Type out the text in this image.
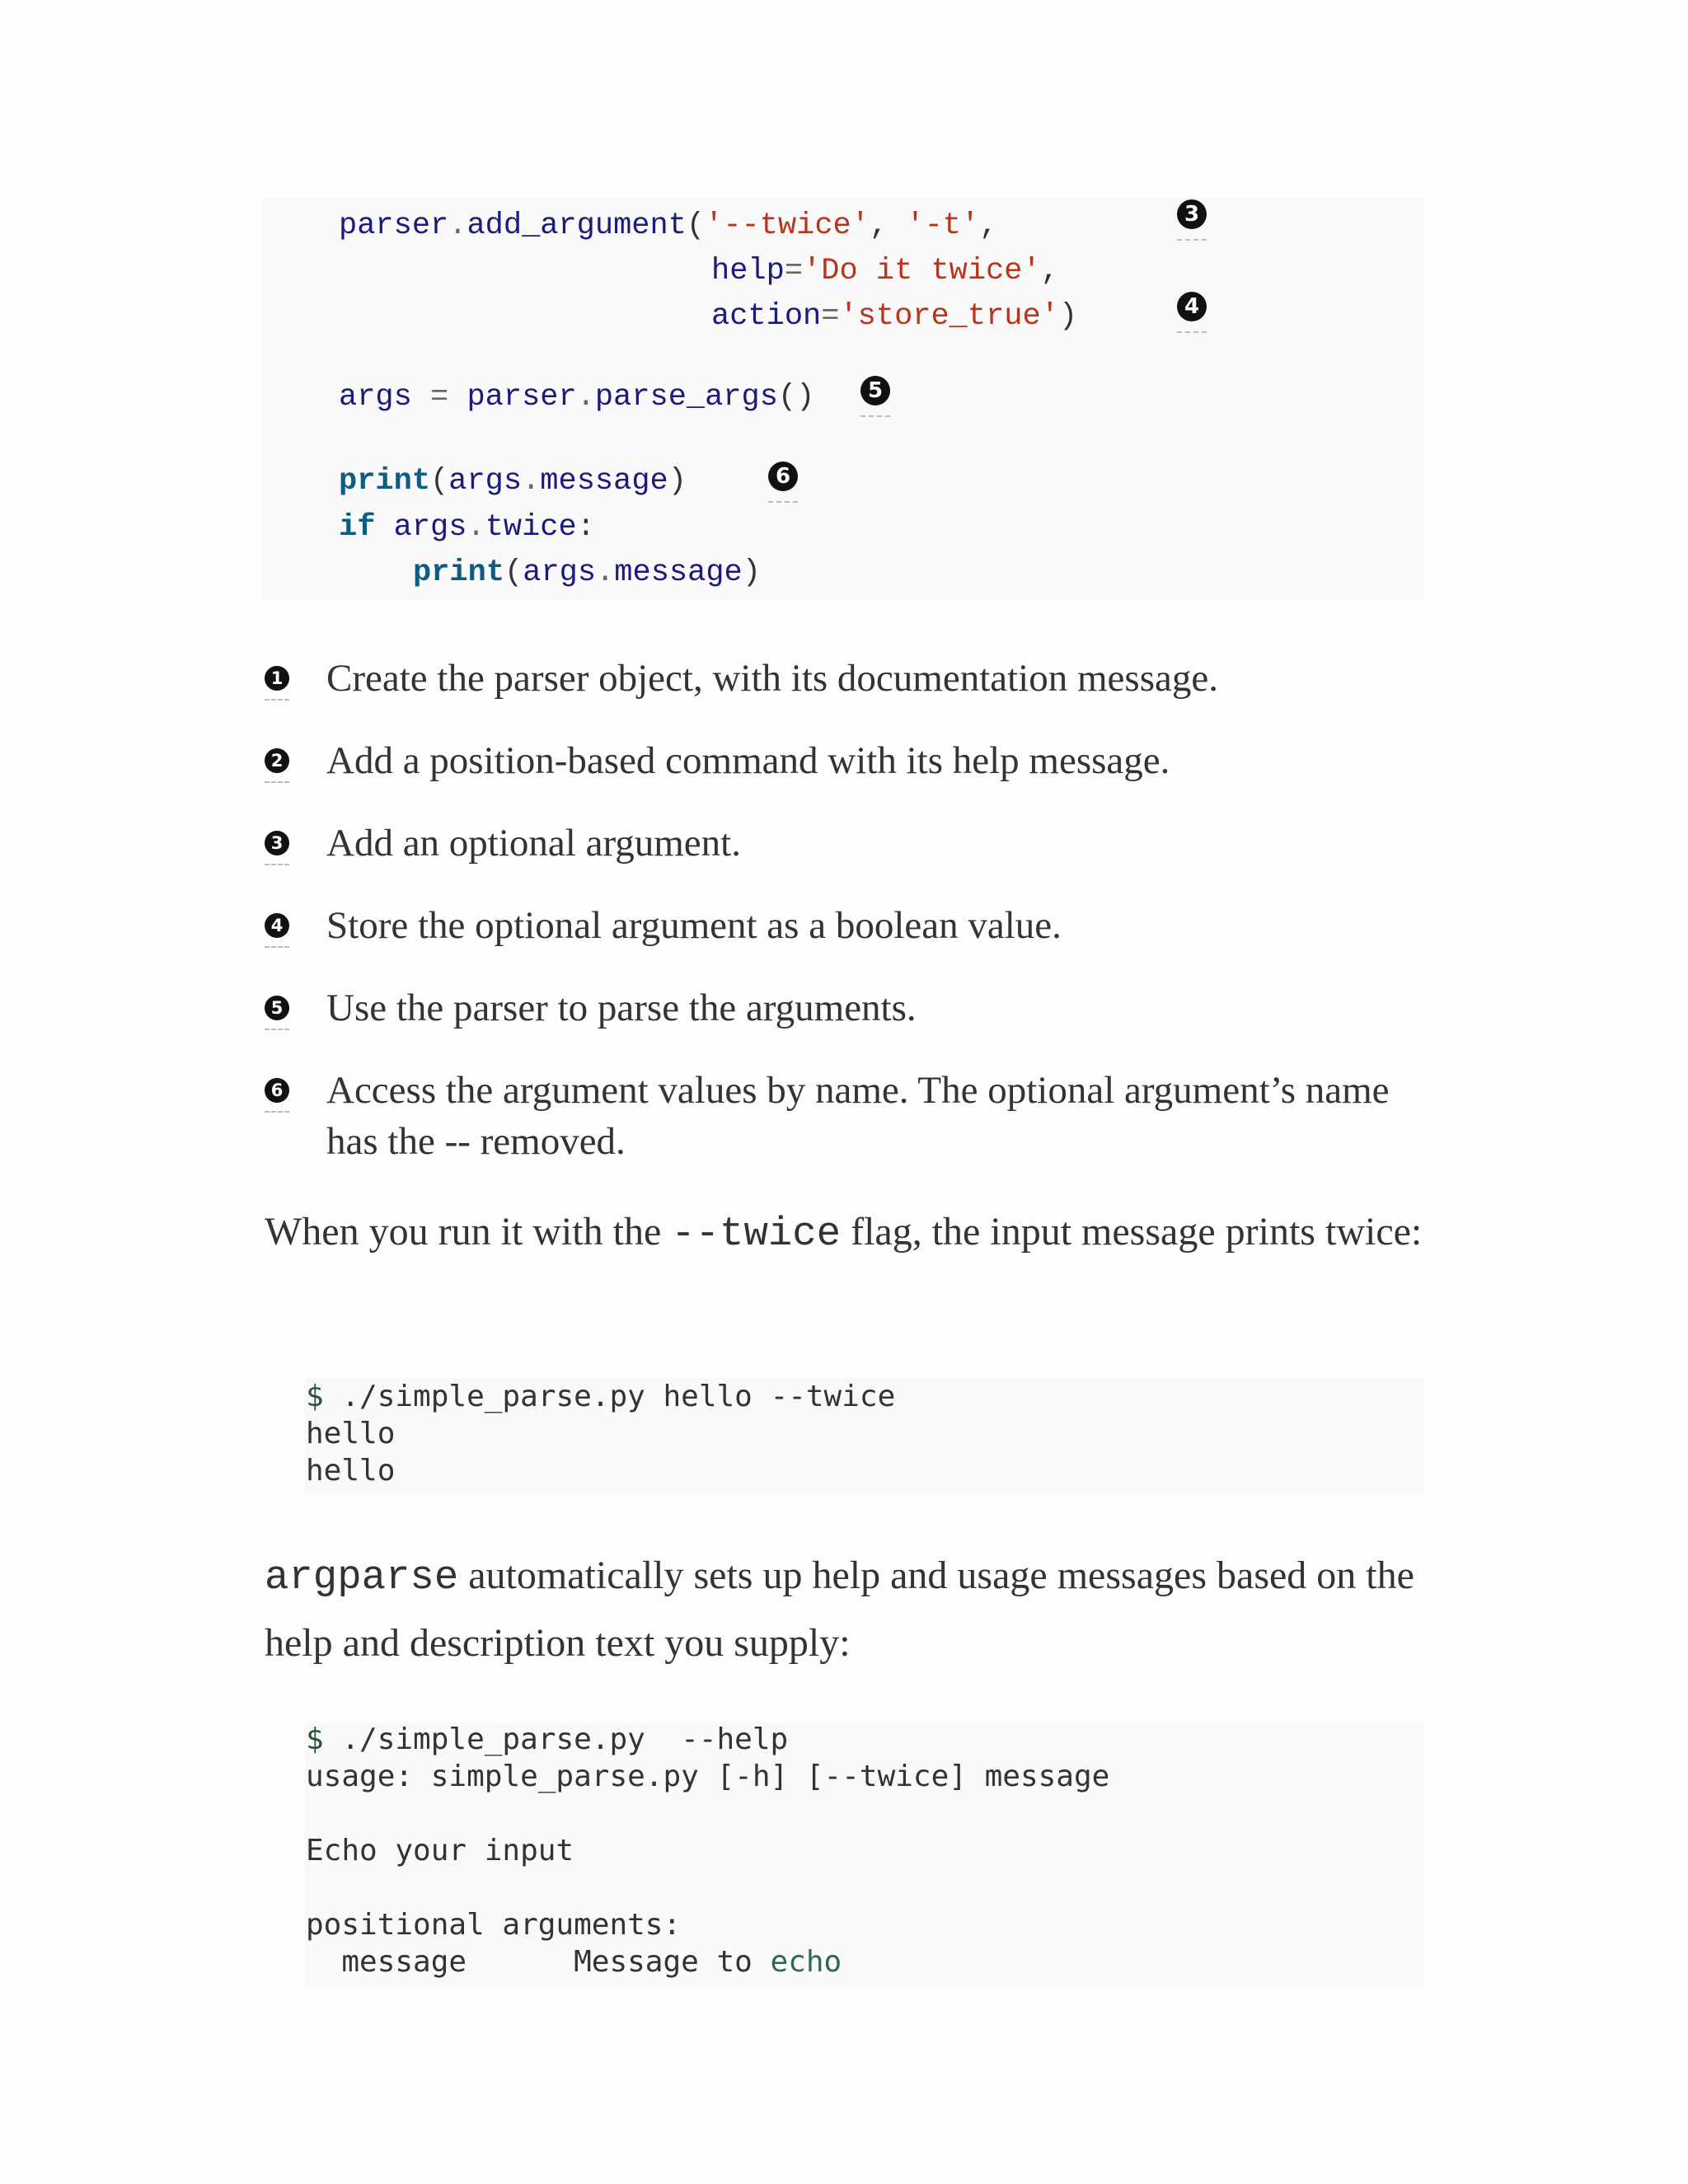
parser.add_argument('--twice', '-t',
help='Do it twice',
action='store_true')
args = parser.parse_args()
print(args.message)
if args.twice:
print(args.message)
3
4
5
6
1 Create the parser object, with its documentation message.
2 Add a position-based command with its help message.
3 Add an optional argument.
4 Store the optional argument as a boolean value.
5 Use the parser to parse the arguments.
6 Access the argument values by name. The optional argument’s name has the -- removed.
When you run it with the --twice flag, the input message prints twice:
$ ./simple_parse.py hello --twice
hello
hello
argparse automatically sets up help and usage messages based on the help and description text you supply:
$ ./simple_parse.py  --help
usage: simple_parse.py [-h] [--twice] message
Echo your input
positional arguments:
message      Message to echo
